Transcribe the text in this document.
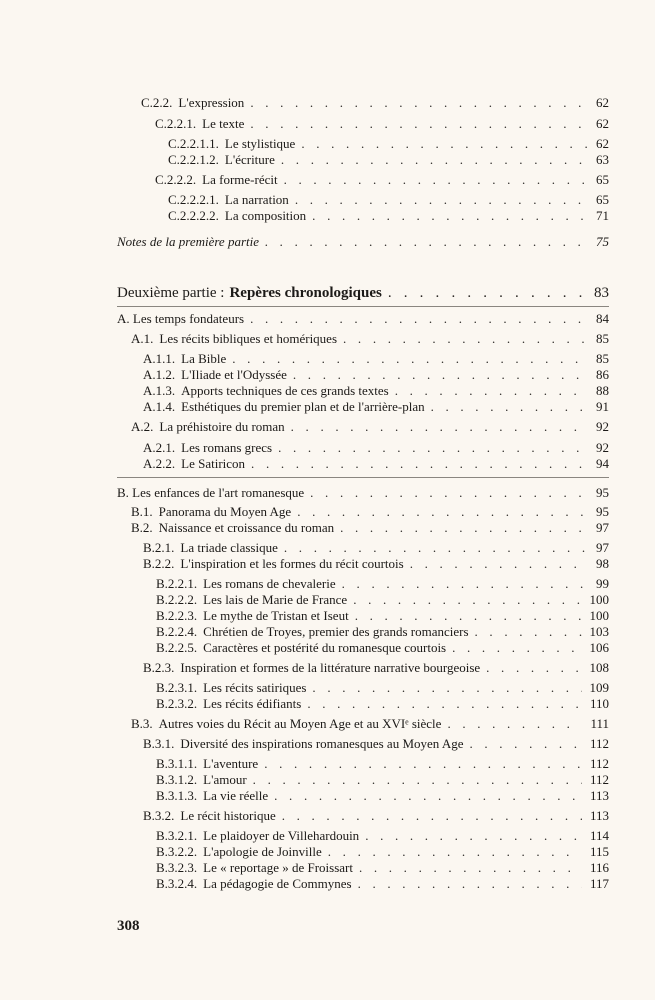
C.2.2. L'expression . . .	62
C.2.2.1. Le texte . . .	62
C.2.2.1.1. Le stylistique . . .	62
C.2.2.1.2. L'écriture . . .	63
C.2.2.2. La forme-récit . . .	65
C.2.2.2.1. La narration . . .	65
C.2.2.2.2. La composition . . .	71
Notes de la première partie . . .	75
Deuxième partie : Repères chronologiques . . .	83
A. Les temps fondateurs . . .	84
A.1. Les récits bibliques et homériques . . .	85
A.1.1. La Bible . . .	85
A.1.2. L'Iliade et l'Odyssée . . .	86
A.1.3. Apports techniques de ces grands textes . . .	88
A.1.4. Esthétiques du premier plan et de l'arrière-plan . . .	91
A.2. La préhistoire du roman . . .	92
A.2.1. Les romans grecs . . .	92
A.2.2. Le Satiricon . . .	94
B. Les enfances de l'art romanesque . . .	95
B.1. Panorama du Moyen Age . . .	95
B.2. Naissance et croissance du roman . . .	97
B.2.1. La triade classique . . .	97
B.2.2. L'inspiration et les formes du récit courtois . . .	98
B.2.2.1. Les romans de chevalerie . . .	99
B.2.2.2. Les lais de Marie de France . . .	100
B.2.2.3. Le mythe de Tristan et Iseut . . .	100
B.2.2.4. Chrétien de Troyes, premier des grands romanciers . . .	103
B.2.2.5. Caractères et postérité du romanesque courtois . . .	106
B.2.3. Inspiration et formes de la littérature narrative bourgeoise . . .	108
B.2.3.1. Les récits satiriques . . .	109
B.2.3.2. Les récits édifiants . . .	110
B.3. Autres voies du Récit au Moyen Age et au XVIᵉ siècle . . .	111
B.3.1. Diversité des inspirations romanesques au Moyen Age . . .	112
B.3.1.1. L'aventure . . .	112
B.3.1.2. L'amour . . .	112
B.3.1.3. La vie réelle . . .	113
B.3.2. Le récit historique . . .	113
B.3.2.1. Le plaidoyer de Villehardouin . . .	114
B.3.2.2. L'apologie de Joinville . . .	115
B.3.2.3. Le « reportage » de Froissart . . .	116
B.3.2.4. La pédagogie de Commynes . . .	117
308
